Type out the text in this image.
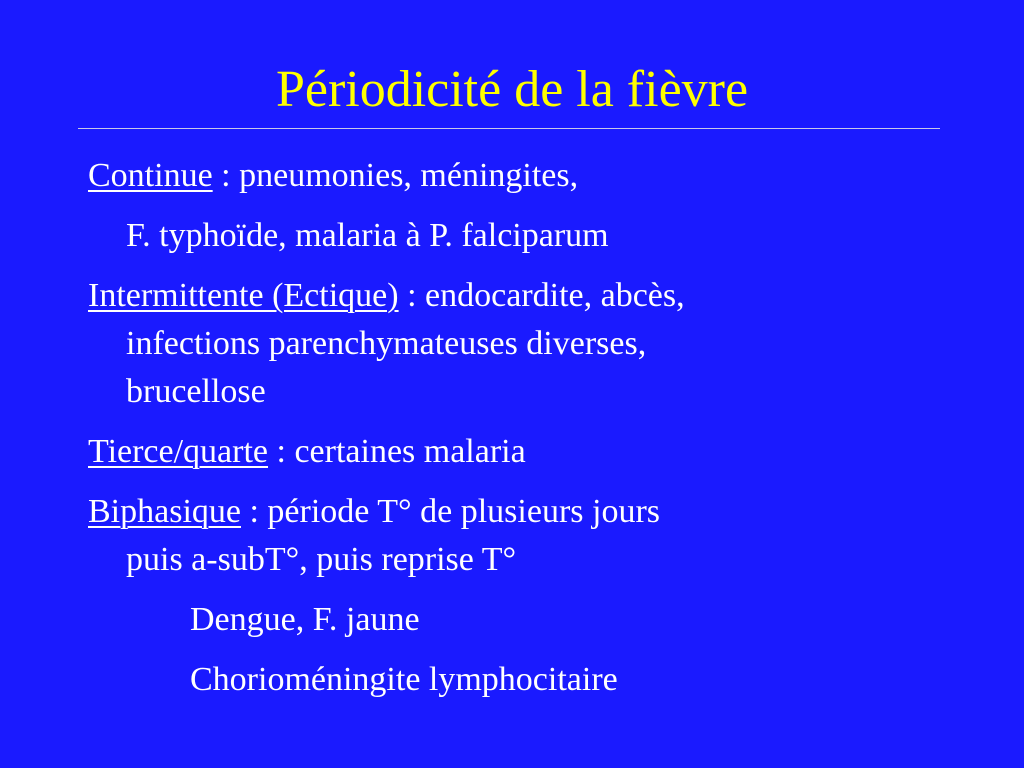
Périodicité de la fièvre
Continue : pneumonies, méningites,
F. typhoïde, malaria à P. falciparum
Intermittente (Ectique) : endocardite, abcès,
infections parenchymateuses diverses,
brucellose
Tierce/quarte : certaines malaria
Biphasique : période T° de plusieurs jours
puis a-subT°, puis reprise T°
Dengue, F. jaune
Chorioméningite lymphocitaire
